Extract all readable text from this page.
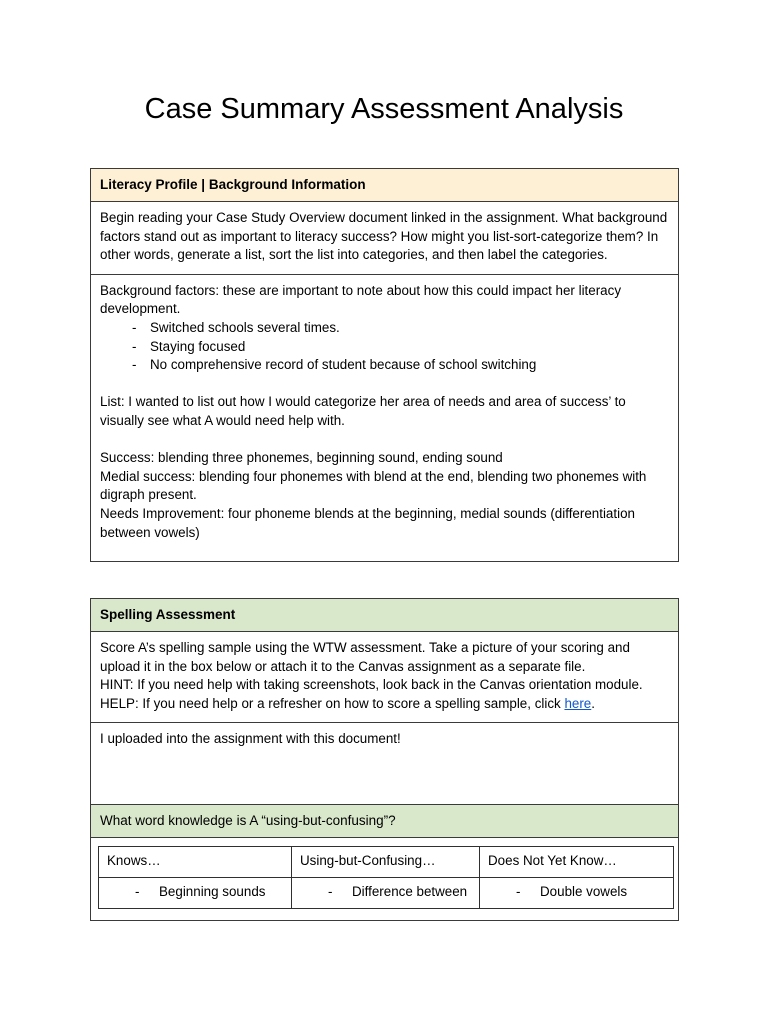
Case Summary Assessment Analysis
Literacy Profile | Background Information
Begin reading your Case Study Overview document linked in the assignment. What background factors stand out as important to literacy success? How might you list-sort-categorize them? In other words, generate a list, sort the list into categories, and then label the categories.

Background factors: these are important to note about how this could impact her literacy development.

- Switched schools several times.
- Staying focused
- No comprehensive record of student because of school switching

List: I wanted to list out how I would categorize her area of needs and area of success’ to visually see what A would need help with.

Success: blending three phonemes, beginning sound, ending sound

Medial success: blending four phonemes with blend at the end, blending two phonemes with digraph present.

Needs Improvement: four phoneme blends at the beginning, medial sounds (differentiation between vowels)

Spelling Assessment

Score A’s spelling sample using the WTW assessment. Take a picture of your scoring and upload it in the box below or attach it to the Canvas assignment as a separate file.

HINT: If you need help with taking screenshots, look back in the Canvas orientation module.

HELP: If you need help or a refresher on how to score a spelling sample, click here.

I uploaded into the assignment with this document!
What word knowledge is A “using-but-confusing”?
Knows…	Using-but-Confusing…	Does Not Yet Know…

- Beginning sounds	- Difference between	- Double vowels
